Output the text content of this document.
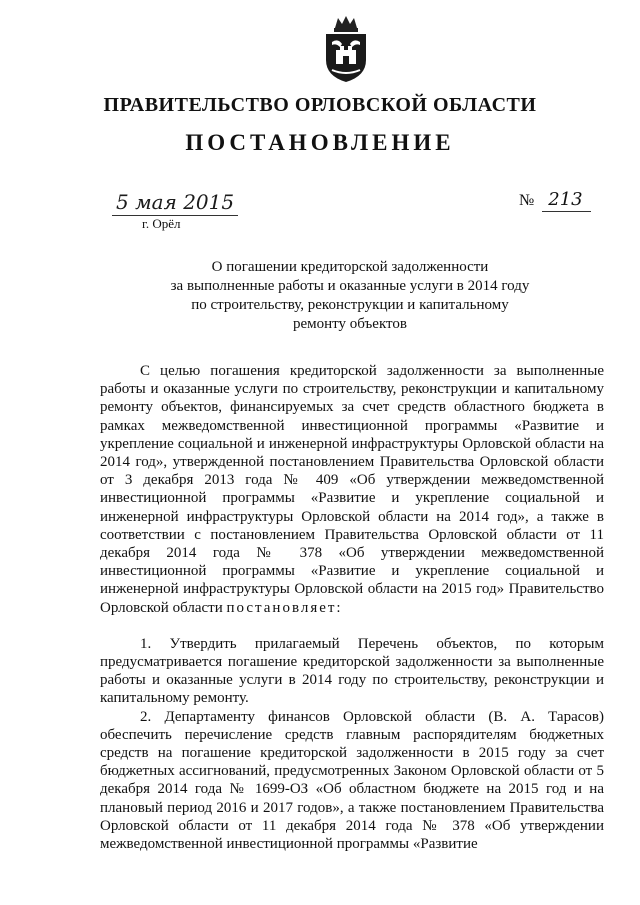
ПРАВИТЕЛЬСТВО ОРЛОВСКОЙ ОБЛАСТИ
ПОСТАНОВЛЕНИЕ
5 мая 2015
г. Орёл
№ 213
О погашении кредиторской задолженности
за выполненные работы и оказанные услуги в 2014 году
по строительству, реконструкции и капитальному
ремонту объектов

С целью погашения кредиторской задолженности за выполненные работы и оказанные услуги по строительству, реконструкции и капитальному ремонту объектов, финансируемых за счет средств областного бюджета в рамках межведомственной инвестиционной программы «Развитие и укрепление социальной и инженерной инфраструктуры Орловской области на 2014 год», утвержденной постановлением Правительства Орловской области от 3 декабря 2013 года № 409 «Об утверждении межведомственной инвестиционной программы «Развитие и укрепление социальной и инженерной инфраструктуры Орловской области на 2014 год», а также в соответствии с постановлением Правительства Орловской области от 11 декабря 2014 года № 378 «Об утверждении межведомственной инвестиционной программы «Развитие и укрепление социальной и инженерной инфраструктуры Орловской области на 2015 год» Правительство Орловской области постановляет:

1. Утвердить прилагаемый Перечень объектов, по которым предусматривается погашение кредиторской задолженности за выполненные работы и оказанные услуги в 2014 году по строительству, реконструкции и капитальному ремонту.

2. Департаменту финансов Орловской области (В. А. Тарасов) обеспечить перечисление средств главным распорядителям бюджетных средств на погашение кредиторской задолженности в 2015 году за счет бюджетных ассигнований, предусмотренных Законом Орловской области от 5 декабря 2014 года № 1699-ОЗ «Об областном бюджете на 2015 год и на плановый период 2016 и 2017 годов», а также постановлением Правительства Орловской области от 11 декабря 2014 года № 378 «Об утверждении межведомственной инвестиционной программы «Развитие
